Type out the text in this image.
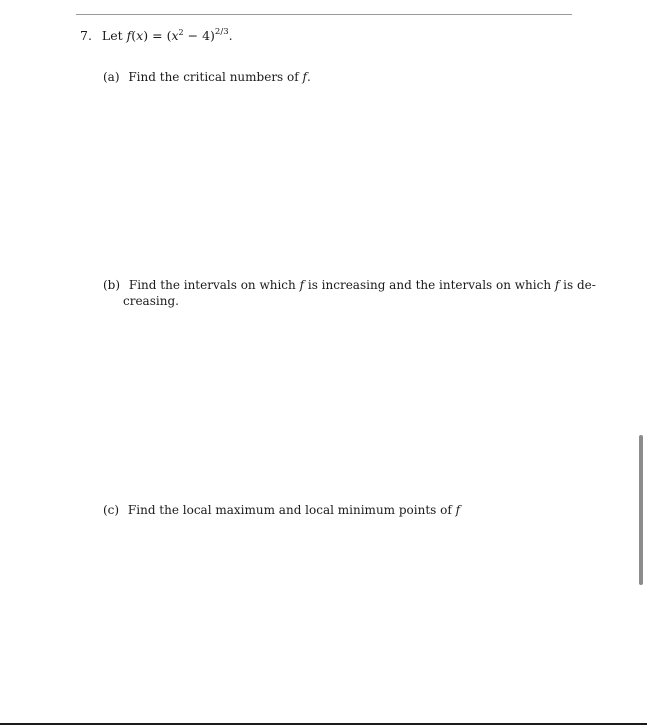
7. Let $f(x) = (x^2 - 4)^{2/3}$.
(a) Find the critical numbers of f.
(b) Find the intervals on which f is increasing and the intervals on which f is de-
creasing.
(c) Find the local maximum and local minimum points of f
